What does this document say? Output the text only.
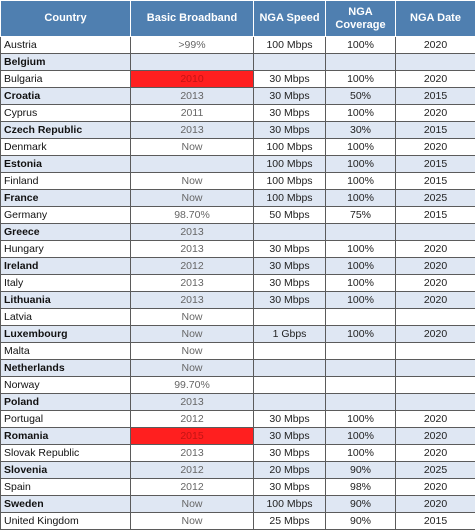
Country	Basic Broadband	NGA Speed	NGA Coverage	NGA Date
Austria	>99%	100 Mbps	100%	2020
Belgium				
Bulgaria	2010	30 Mbps	100%	2020
Croatia	2013	30 Mbps	50%	2015
Cyprus	2011	30 Mbps	100%	2020
Czech Republic	2013	30 Mbps	30%	2015
Denmark	Now	100 Mbps	100%	2020
Estonia		100 Mbps	100%	2015
Finland	Now	100 Mbps	100%	2015
France	Now	100 Mbps	100%	2025
Germany	98.70%	50 Mbps	75%	2015
Greece	2013			
Hungary	2013	30 Mbps	100%	2020
Ireland	2012	30 Mbps	100%	2020
Italy	2013	30 Mbps	100%	2020
Lithuania	2013	30 Mbps	100%	2020
Latvia	Now			
Luxembourg	Now	1 Gbps	100%	2020
Malta	Now			
Netherlands	Now			
Norway	99.70%			
Poland	2013			
Portugal	2012	30 Mbps	100%	2020
Romania	2015	30 Mbps	100%	2020
Slovak Republic	2013	30 Mbps	100%	2020
Slovenia	2012	20 Mbps	90%	2025
Spain	2012	30 Mbps	98%	2020
Sweden	Now	100 Mbps	90%	2020
United Kingdom	Now	25 Mbps	90%	2015
